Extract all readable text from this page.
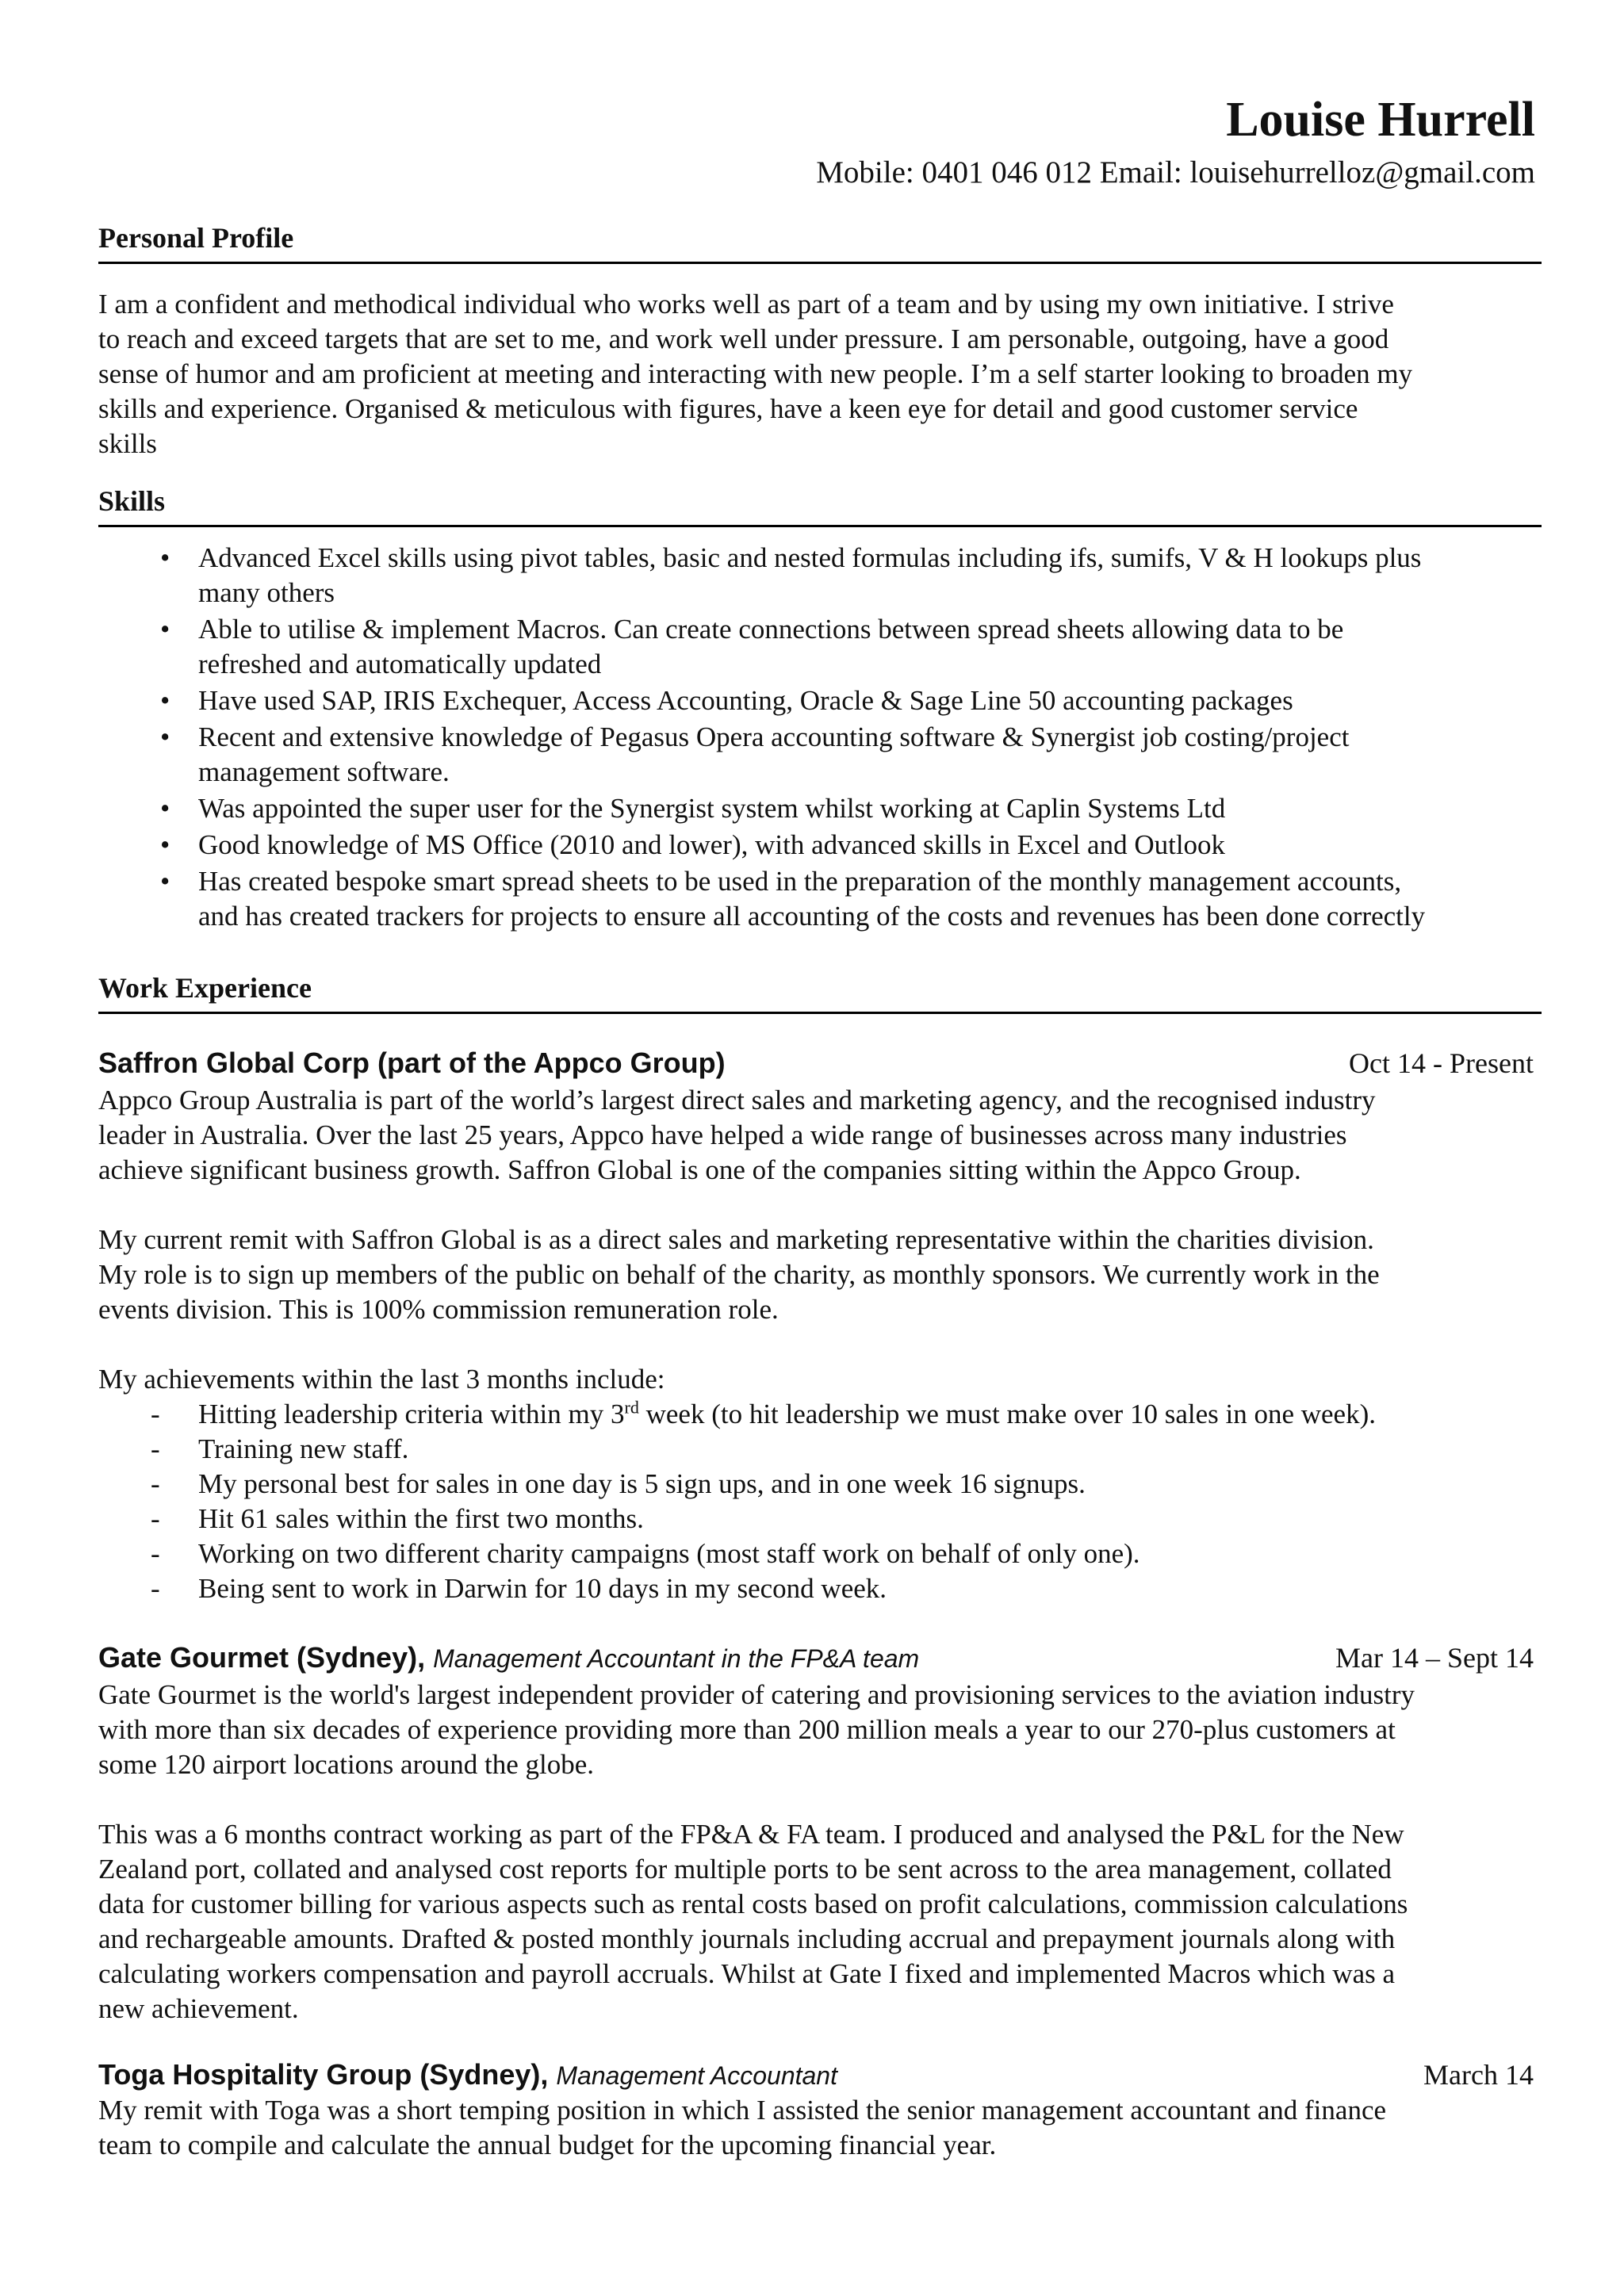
Louise Hurrell
Mobile: 0401 046 012 Email: louisehurrelloz@gmail.com
Personal Profile
I am a confident and methodical individual who works well as part of a team and by using my own initiative. I strive
to reach and exceed targets that are set to me, and work well under pressure. I am personable, outgoing, have a good
sense of humor and am proficient at meeting and interacting with new people. I’m a self starter looking to broaden my
skills and experience. Organised & meticulous with figures, have a keen eye for detail and good customer service
skills
Skills
• Advanced Excel skills using pivot tables, basic and nested formulas including ifs, sumifs, V & H lookups plus
many others
• Able to utilise & implement Macros. Can create connections between spread sheets allowing data to be
refreshed and automatically updated
• Have used SAP, IRIS Exchequer, Access Accounting, Oracle & Sage Line 50 accounting packages
• Recent and extensive knowledge of Pegasus Opera accounting software & Synergist job costing/project
management software.
• Was appointed the super user for the Synergist system whilst working at Caplin Systems Ltd
• Good knowledge of MS Office (2010 and lower), with advanced skills in Excel and Outlook
• Has created bespoke smart spread sheets to be used in the preparation of the monthly management accounts,
and has created trackers for projects to ensure all accounting of the costs and revenues has been done correctly
Work Experience
Saffron Global Corp (part of the Appco Group)	Oct 14 - Present
Appco Group Australia is part of the world’s largest direct sales and marketing agency, and the recognised industry
leader in Australia. Over the last 25 years, Appco have helped a wide range of businesses across many industries
achieve significant business growth. Saffron Global is one of the companies sitting within the Appco Group.
My current remit with Saffron Global is as a direct sales and marketing representative within the charities division.
My role is to sign up members of the public on behalf of the charity, as monthly sponsors. We currently work in the
events division. This is 100% commission remuneration role.
My achievements within the last 3 months include:
- Hitting leadership criteria within my 3rd week (to hit leadership we must make over 10 sales in one week).
- Training new staff.
- My personal best for sales in one day is 5 sign ups, and in one week 16 signups.
- Hit 61 sales within the first two months.
- Working on two different charity campaigns (most staff work on behalf of only one).
- Being sent to work in Darwin for 10 days in my second week.
Gate Gourmet (Sydney), Management Accountant in the FP&A team	Mar 14 – Sept 14
Gate Gourmet is the world's largest independent provider of catering and provisioning services to the aviation industry
with more than six decades of experience providing more than 200 million meals a year to our 270-plus customers at
some 120 airport locations around the globe.
This was a 6 months contract working as part of the FP&A & FA team. I produced and analysed the P&L for the New
Zealand port, collated and analysed cost reports for multiple ports to be sent across to the area management, collated
data for customer billing for various aspects such as rental costs based on profit calculations, commission calculations
and rechargeable amounts. Drafted & posted monthly journals including accrual and prepayment journals along with
calculating workers compensation and payroll accruals. Whilst at Gate I fixed and implemented Macros which was a
new achievement.
Toga Hospitality Group (Sydney), Management Accountant	March 14
My remit with Toga was a short temping position in which I assisted the senior management accountant and finance
team to compile and calculate the annual budget for the upcoming financial year.
